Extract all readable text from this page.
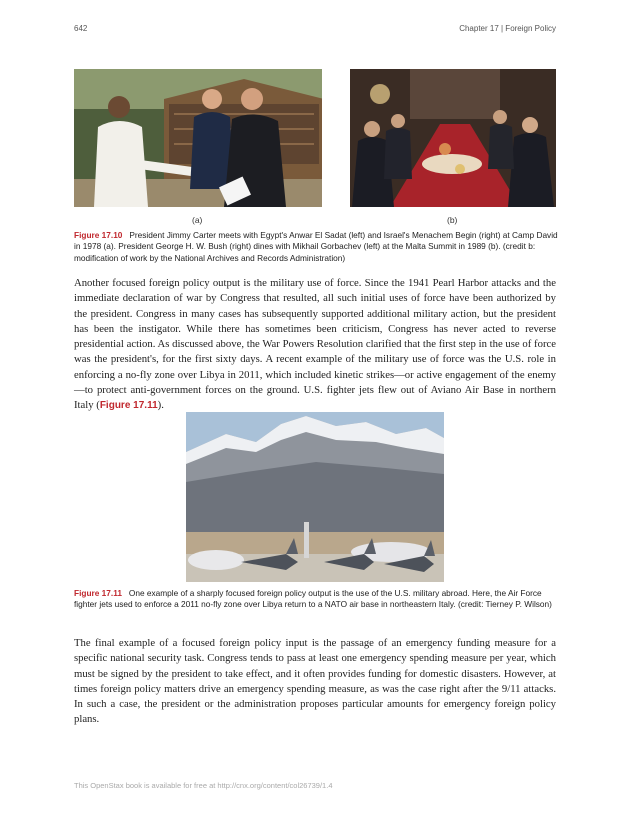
642	Chapter 17 | Foreign Policy
(a)	(b)
Figure 17.10 President Jimmy Carter meets with Egypt's Anwar El Sadat (left) and Israel's Menachem Begin (right) at Camp David in 1978 (a). President George H. W. Bush (right) dines with Mikhail Gorbachev (left) at the Malta Summit in 1989 (b). (credit b: modification of work by the National Archives and Records Administration)

Another focused foreign policy output is the military use of force. Since the 1941 Pearl Harbor attacks and the immediate declaration of war by Congress that resulted, all such initial uses of force have been authorized by the president. Congress in many cases has subsequently supported additional military action, but the president has been the instigator. While there has sometimes been criticism, Congress has never acted to reverse presidential action. As discussed above, the War Powers Resolution clarified that the first step in the use of force was the president's, for the first sixty days. A recent example of the military use of force was the U.S. role in enforcing a no-fly zone over Libya in 2011, which included kinetic strikes—or active engagement of the enemy—to protect anti-government forces on the ground. U.S. fighter jets flew out of Aviano Air Base in northern Italy (Figure 17.11).

Figure 17.11 One example of a sharply focused foreign policy output is the use of the U.S. military abroad. Here, the Air Force fighter jets used to enforce a 2011 no-fly zone over Libya return to a NATO air base in northeastern Italy. (credit: Tierney P. Wilson)

The final example of a focused foreign policy input is the passage of an emergency funding measure for a specific national security task. Congress tends to pass at least one emergency spending measure per year, which must be signed by the president to take effect, and it often provides funding for domestic disasters. However, at times foreign policy matters drive an emergency spending measure, as was the case right after the 9/11 attacks. In such a case, the president or the administration proposes particular amounts for emergency foreign policy plans.

This OpenStax book is available for free at http://cnx.org/content/col26739/1.4
